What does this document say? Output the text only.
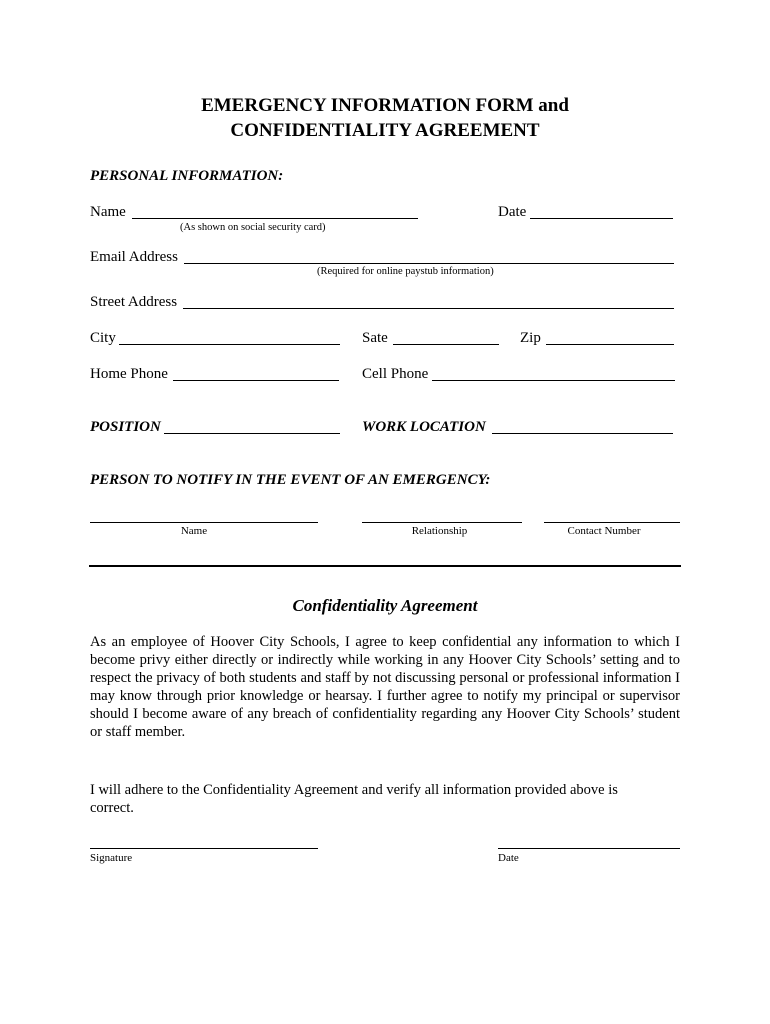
EMERGENCY INFORMATION FORM and
CONFIDENTIALITY AGREEMENT
PERSONAL INFORMATION:
Name
(As shown on social security card)
Date
Email Address
(Required for online paystub information)
Street Address
City	Sate	Zip
Home Phone	Cell Phone
POSITION	WORK LOCATION
PERSON TO NOTIFY IN THE EVENT OF AN EMERGENCY:
Name	Relationship	Contact Number
Confidentiality Agreement
As an employee of Hoover City Schools, I agree to keep confidential any information to which I become privy either directly or indirectly while working in any Hoover City Schools’ setting and to respect the privacy of both students and staff by not discussing personal or professional information I may know through prior knowledge or hearsay. I further agree to notify my principal or supervisor should I become aware of any breach of confidentiality regarding any Hoover City Schools’ student or staff member.
I will adhere to the Confidentiality Agreement and verify all information provided above is correct.
Signature	Date
